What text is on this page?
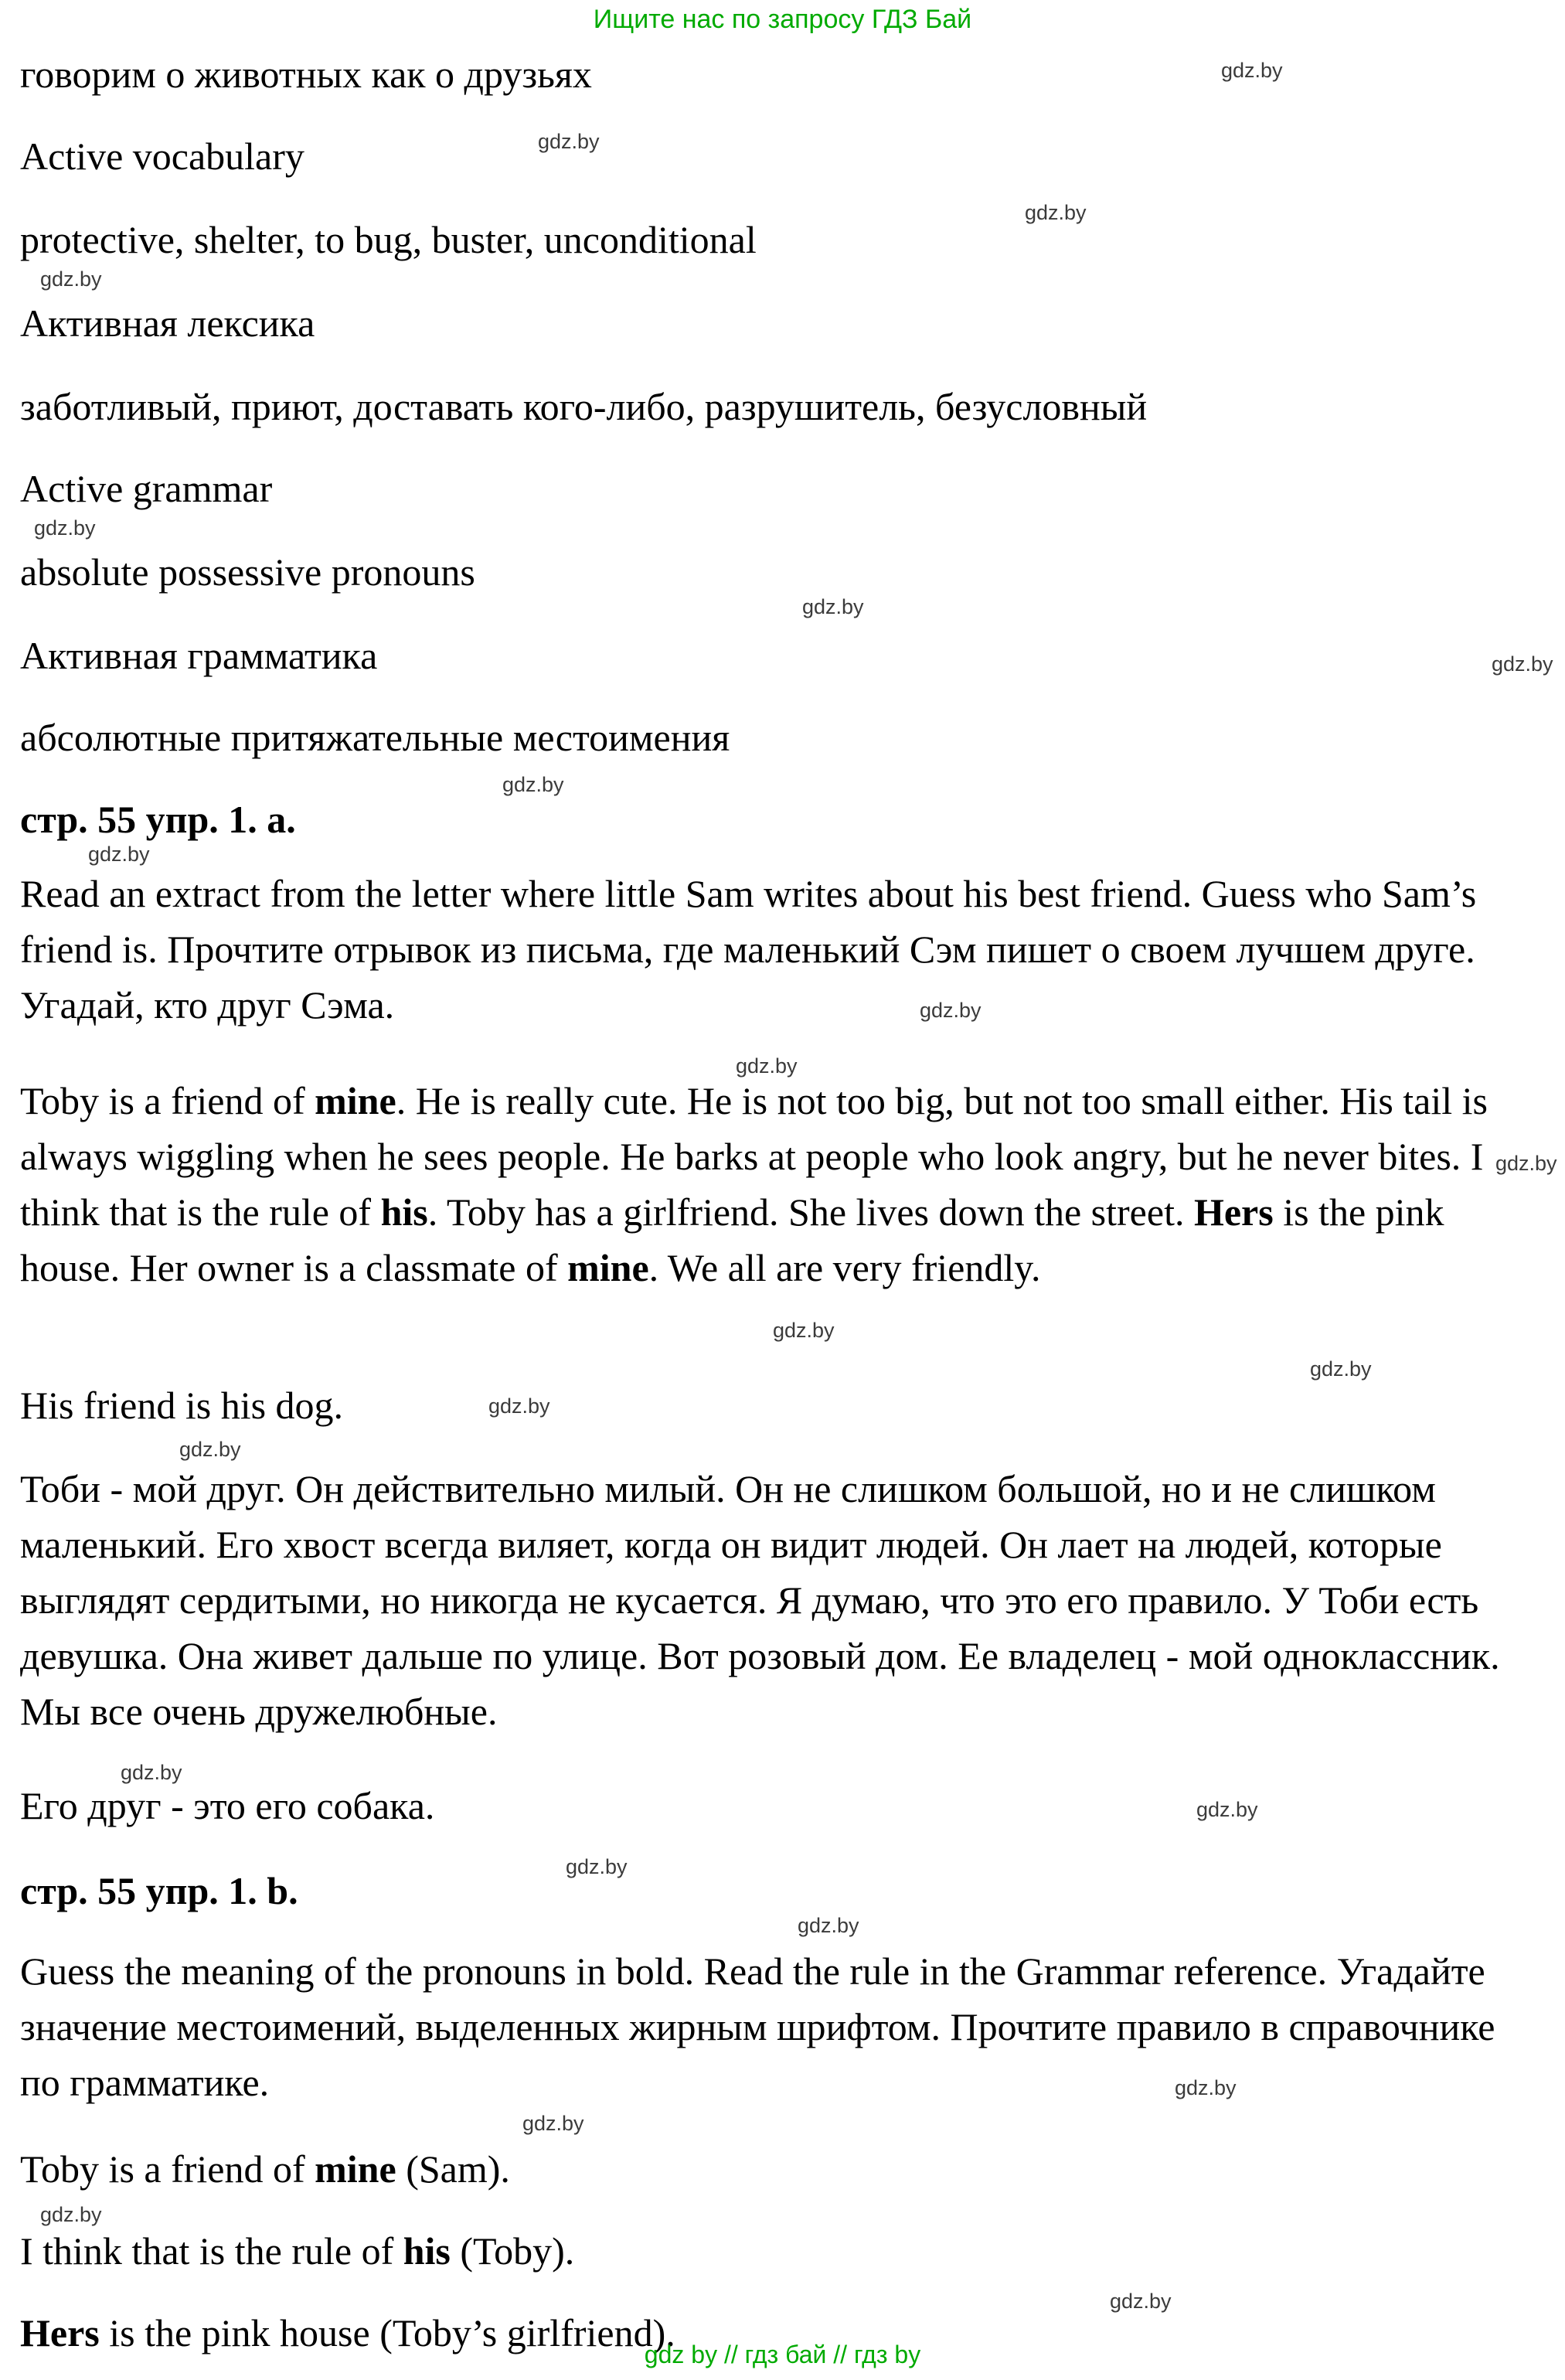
Ищите нас по запросу ГДЗ Бай

говорим о животных как о друзьях

Active vocabulary

protective, shelter, to bug, buster, unconditional

Активная лексика

заботливый, приют, доставать кого-либо, разрушитель, безусловный

Active grammar

absolute possessive pronouns

Активная грамматика

абсолютные притяжательные местоимения

стр. 55 упр. 1. a.

Read an extract from the letter where little Sam writes about his best friend. Guess who Sam’s friend is. Прочтите отрывок из письма, где маленький Сэм пишет о своем лучшем друге. Угадай, кто друг Сэма.

Toby is a friend of mine. He is really cute. He is not too big, but not too small either. His tail is always wiggling when he sees people. He barks at people who look angry, but he never bites. I think that is the rule of his. Toby has a girlfriend. She lives down the street. Hers is the pink house. Her owner is a classmate of mine. We all are very friendly.

His friend is his dog.

Тоби - мой друг. Он действительно милый. Он не слишком большой, но и не слишком маленький. Его хвост всегда виляет, когда он видит людей. Он лает на людей, которые выглядят сердитыми, но никогда не кусается. Я думаю, что это его правило. У Тоби есть девушка. Она живет дальше по улице. Вот розовый дом. Ее владелец - мой одноклассник. Мы все очень дружелюбные.

Его друг - это его собака.

стр. 55 упр. 1. b.

Guess the meaning of the pronouns in bold. Read the rule in the Grammar reference. Угадайте значение местоимений, выделенных жирным шрифтом. Прочтите правило в справочнике по грамматике.

Toby is a friend of mine (Sam).

I think that is the rule of his (Toby).

Hers is the pink house (Toby’s girlfriend).

gdz.by
gdz.by
gdz.by
gdz.by
gdz.by
gdz.by
gdz.by
gdz.by
gdz.by
gdz.by
gdz.by
gdz.by
gdz.by
gdz.by
gdz.by
gdz.by
gdz.by
gdz.by
gdz.by
gdz.by
gdz.by
gdz.by
gdz.by
gdz.by
gdz by // гдз бай // гдз by
